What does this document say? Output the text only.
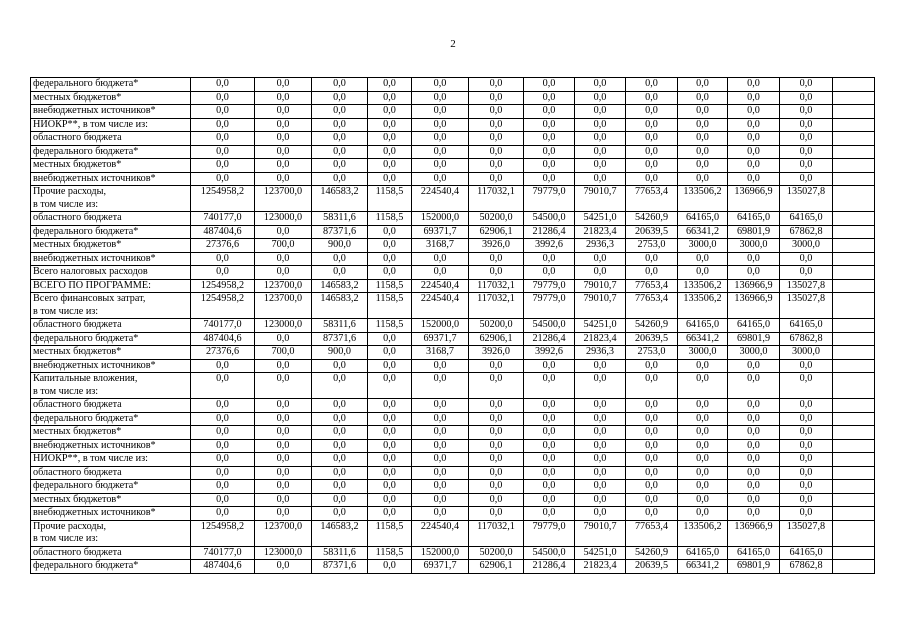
2
федерального бюджета*	0,0	0,0	0,0	0,0	0,0	0,0	0,0	0,0	0,0	0,0	0,0	0,0	
местных бюджетов*	0,0	0,0	0,0	0,0	0,0	0,0	0,0	0,0	0,0	0,0	0,0	0,0	
внебюджетных источников*	0,0	0,0	0,0	0,0	0,0	0,0	0,0	0,0	0,0	0,0	0,0	0,0	
НИОКР**, в том числе из:	0,0	0,0	0,0	0,0	0,0	0,0	0,0	0,0	0,0	0,0	0,0	0,0	
областного бюджета	0,0	0,0	0,0	0,0	0,0	0,0	0,0	0,0	0,0	0,0	0,0	0,0	
федерального бюджета*	0,0	0,0	0,0	0,0	0,0	0,0	0,0	0,0	0,0	0,0	0,0	0,0	
местных бюджетов*	0,0	0,0	0,0	0,0	0,0	0,0	0,0	0,0	0,0	0,0	0,0	0,0	
внебюджетных источников*	0,0	0,0	0,0	0,0	0,0	0,0	0,0	0,0	0,0	0,0	0,0	0,0	
Прочие расходы,
в том числе из:	1254958,2	123700,0	146583,2	1158,5	224540,4	117032,1	79779,0	79010,7	77653,4	133506,2	136966,9	135027,8	
областного бюджета	740177,0	123000,0	58311,6	1158,5	152000,0	50200,0	54500,0	54251,0	54260,9	64165,0	64165,0	64165,0	
федерального бюджета*	487404,6	0,0	87371,6	0,0	69371,7	62906,1	21286,4	21823,4	20639,5	66341,2	69801,9	67862,8	
местных бюджетов*	27376,6	700,0	900,0	0,0	3168,7	3926,0	3992,6	2936,3	2753,0	3000,0	3000,0	3000,0	
внебюджетных источников*	0,0	0,0	0,0	0,0	0,0	0,0	0,0	0,0	0,0	0,0	0,0	0,0	
Всего налоговых расходов	0,0	0,0	0,0	0,0	0,0	0,0	0,0	0,0	0,0	0,0	0,0	0,0	
ВСЕГО ПО ПРОГРАММЕ:	1254958,2	123700,0	146583,2	1158,5	224540,4	117032,1	79779,0	79010,7	77653,4	133506,2	136966,9	135027,8	
Всего финансовых затрат,
в том числе из:	1254958,2	123700,0	146583,2	1158,5	224540,4	117032,1	79779,0	79010,7	77653,4	133506,2	136966,9	135027,8	
областного бюджета	740177,0	123000,0	58311,6	1158,5	152000,0	50200,0	54500,0	54251,0	54260,9	64165,0	64165,0	64165,0	
федерального бюджета*	487404,6	0,0	87371,6	0,0	69371,7	62906,1	21286,4	21823,4	20639,5	66341,2	69801,9	67862,8	
местных бюджетов*	27376,6	700,0	900,0	0,0	3168,7	3926,0	3992,6	2936,3	2753,0	3000,0	3000,0	3000,0	
внебюджетных источников*	0,0	0,0	0,0	0,0	0,0	0,0	0,0	0,0	0,0	0,0	0,0	0,0	
Капитальные вложения,
в том числе из:	0,0	0,0	0,0	0,0	0,0	0,0	0,0	0,0	0,0	0,0	0,0	0,0	
областного бюджета	0,0	0,0	0,0	0,0	0,0	0,0	0,0	0,0	0,0	0,0	0,0	0,0	
федерального бюджета*	0,0	0,0	0,0	0,0	0,0	0,0	0,0	0,0	0,0	0,0	0,0	0,0	
местных бюджетов*	0,0	0,0	0,0	0,0	0,0	0,0	0,0	0,0	0,0	0,0	0,0	0,0	
внебюджетных источников*	0,0	0,0	0,0	0,0	0,0	0,0	0,0	0,0	0,0	0,0	0,0	0,0	
НИОКР**, в том числе из:	0,0	0,0	0,0	0,0	0,0	0,0	0,0	0,0	0,0	0,0	0,0	0,0	
областного бюджета	0,0	0,0	0,0	0,0	0,0	0,0	0,0	0,0	0,0	0,0	0,0	0,0	
федерального бюджета*	0,0	0,0	0,0	0,0	0,0	0,0	0,0	0,0	0,0	0,0	0,0	0,0	
местных бюджетов*	0,0	0,0	0,0	0,0	0,0	0,0	0,0	0,0	0,0	0,0	0,0	0,0	
внебюджетных источников*	0,0	0,0	0,0	0,0	0,0	0,0	0,0	0,0	0,0	0,0	0,0	0,0	
Прочие расходы,
в том числе из:	1254958,2	123700,0	146583,2	1158,5	224540,4	117032,1	79779,0	79010,7	77653,4	133506,2	136966,9	135027,8	
областного бюджета	740177,0	123000,0	58311,6	1158,5	152000,0	50200,0	54500,0	54251,0	54260,9	64165,0	64165,0	64165,0	
федерального бюджета*	487404,6	0,0	87371,6	0,0	69371,7	62906,1	21286,4	21823,4	20639,5	66341,2	69801,9	67862,8	
